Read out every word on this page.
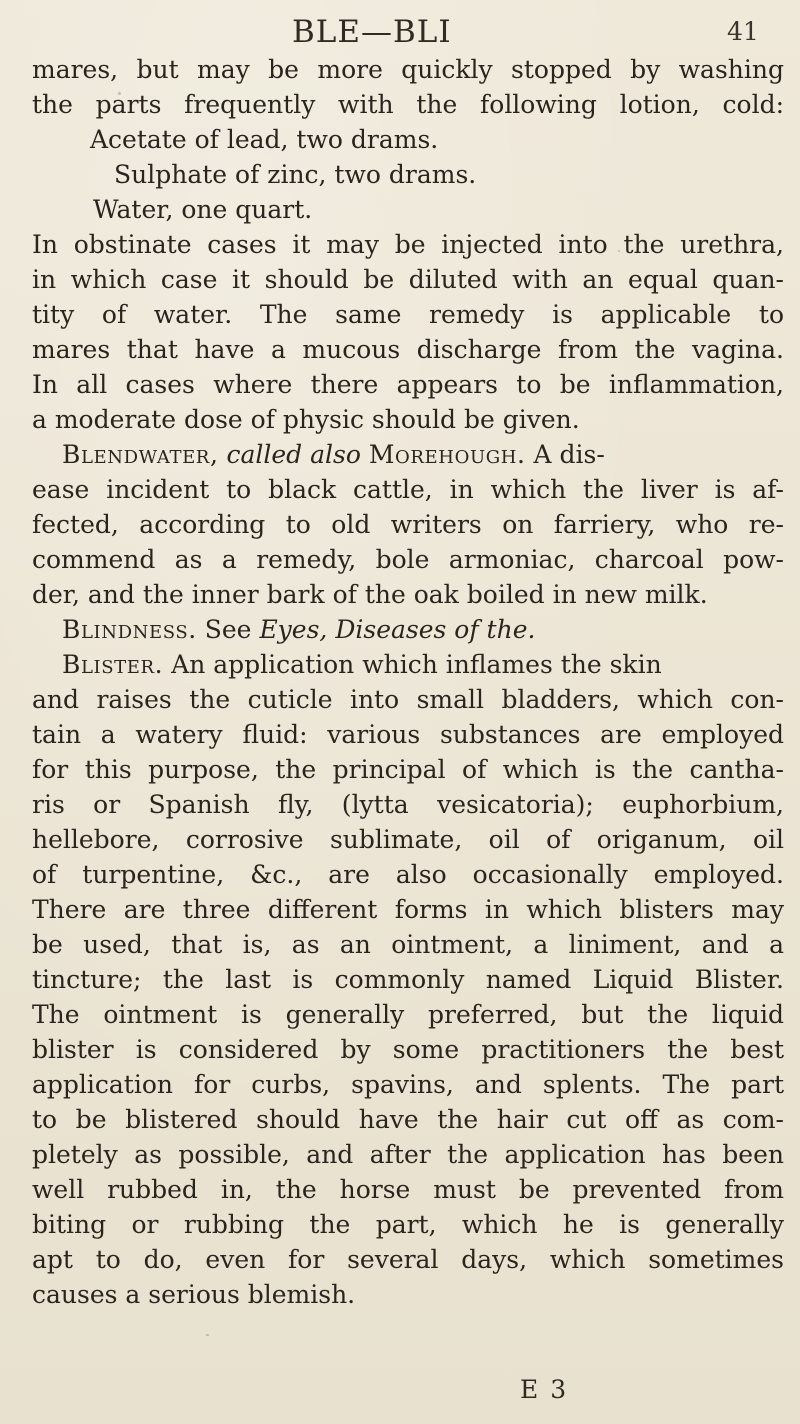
BLE—BLI	41
mares, but may be more quickly stopped by washing
the parts frequently with the following lotion, cold:
Acetate of lead, two drams.
Sulphate of zinc, two drams.
Water, one quart.
In obstinate cases it may be injected into the urethra,
in which case it should be diluted with an equal quan-
tity of water. The same remedy is applicable to
mares that have a mucous discharge from the vagina.
In all cases where there appears to be inflammation,
a moderate dose of physic should be given.
Blendwater, called also Morehough. A dis-
ease incident to black cattle, in which the liver is af-
fected, according to old writers on farriery, who re-
commend as a remedy, bole armoniac, charcoal pow-
der, and the inner bark of the oak boiled in new milk.
Blindness. See Eyes, Diseases of the.
Blister. An application which inflames the skin
and raises the cuticle into small bladders, which con-
tain a watery fluid: various substances are employed
for this purpose, the principal of which is the cantha-
ris or Spanish fly, (lytta vesicatoria); euphorbium,
hellebore, corrosive sublimate, oil of origanum, oil
of turpentine, &c., are also occasionally employed.
There are three different forms in which blisters may
be used, that is, as an ointment, a liniment, and a
tincture; the last is commonly named Liquid Blister.
The ointment is generally preferred, but the liquid
blister is considered by some practitioners the best
application for curbs, spavins, and splents. The part
to be blistered should have the hair cut off as com-
pletely as possible, and after the application has been
well rubbed in, the horse must be prevented from
biting or rubbing the part, which he is generally
apt to do, even for several days, which sometimes
causes a serious blemish.
E 3
